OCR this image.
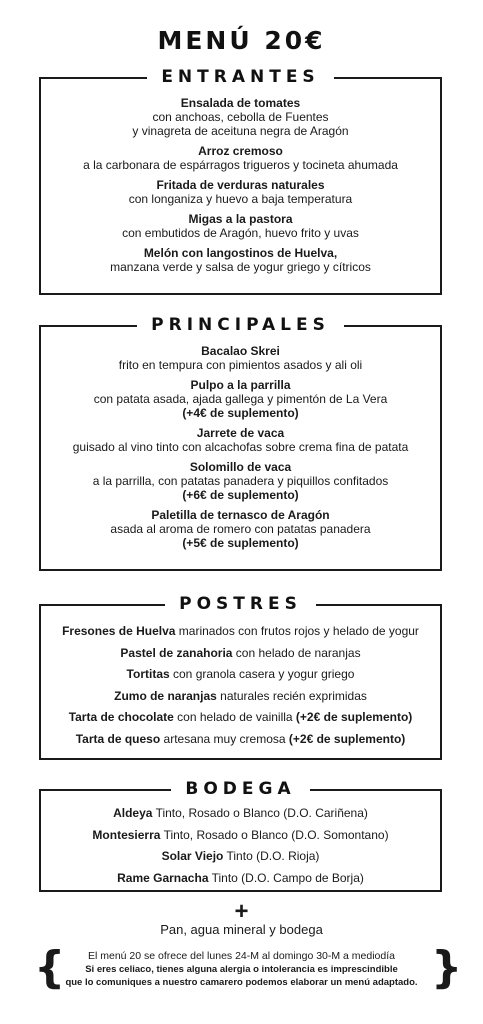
MENÚ 20€
ENTRANTES
Ensalada de tomates
con anchoas, cebolla de Fuentes
y vinagreta de aceituna negra de Aragón
Arroz cremoso
a la carbonara de espárragos trigueros y tocineta ahumada
Fritada de verduras naturales
con longaniza y huevo a baja temperatura
Migas a la pastora
con embutidos de Aragón, huevo frito y uvas
Melón con langostinos de Huelva,
manzana verde y salsa de yogur griego y cítricos
PRINCIPALES
Bacalao Skrei
frito en tempura con pimientos asados y ali oli
Pulpo a la parrilla
con patata asada, ajada gallega y pimentón de La Vera
(+4€ de suplemento)
Jarrete de vaca
guisado al vino tinto con alcachofas sobre crema fina de patata
Solomillo de vaca
a la parrilla, con patatas panadera y piquillos confitados
(+6€ de suplemento)
Paletilla de ternasco de Aragón
asada al aroma de romero con patatas panadera
(+5€ de suplemento)
POSTRES
Fresones de Huelva marinados con frutos rojos y helado de yogur
Pastel de zanahoria con helado de naranjas
Tortitas con granola casera y yogur griego
Zumo de naranjas naturales recién exprimidas
Tarta de chocolate con helado de vainilla (+2€ de suplemento)
Tarta de queso artesana muy cremosa (+2€ de suplemento)
BODEGA
Aldeya Tinto, Rosado o Blanco (D.O. Cariñena)
Montesierra Tinto, Rosado o Blanco (D.O. Somontano)
Solar Viejo Tinto (D.O. Rioja)
Rame Garnacha Tinto (D.O. Campo de Borja)
+
Pan, agua mineral y bodega
{	}
El menú 20 se ofrece del lunes 24-M al domingo 30-M a mediodía
Si eres celiaco, tienes alguna alergia o intolerancia es imprescindible
que lo comuniques a nuestro camarero podemos elaborar un menú adaptado.
